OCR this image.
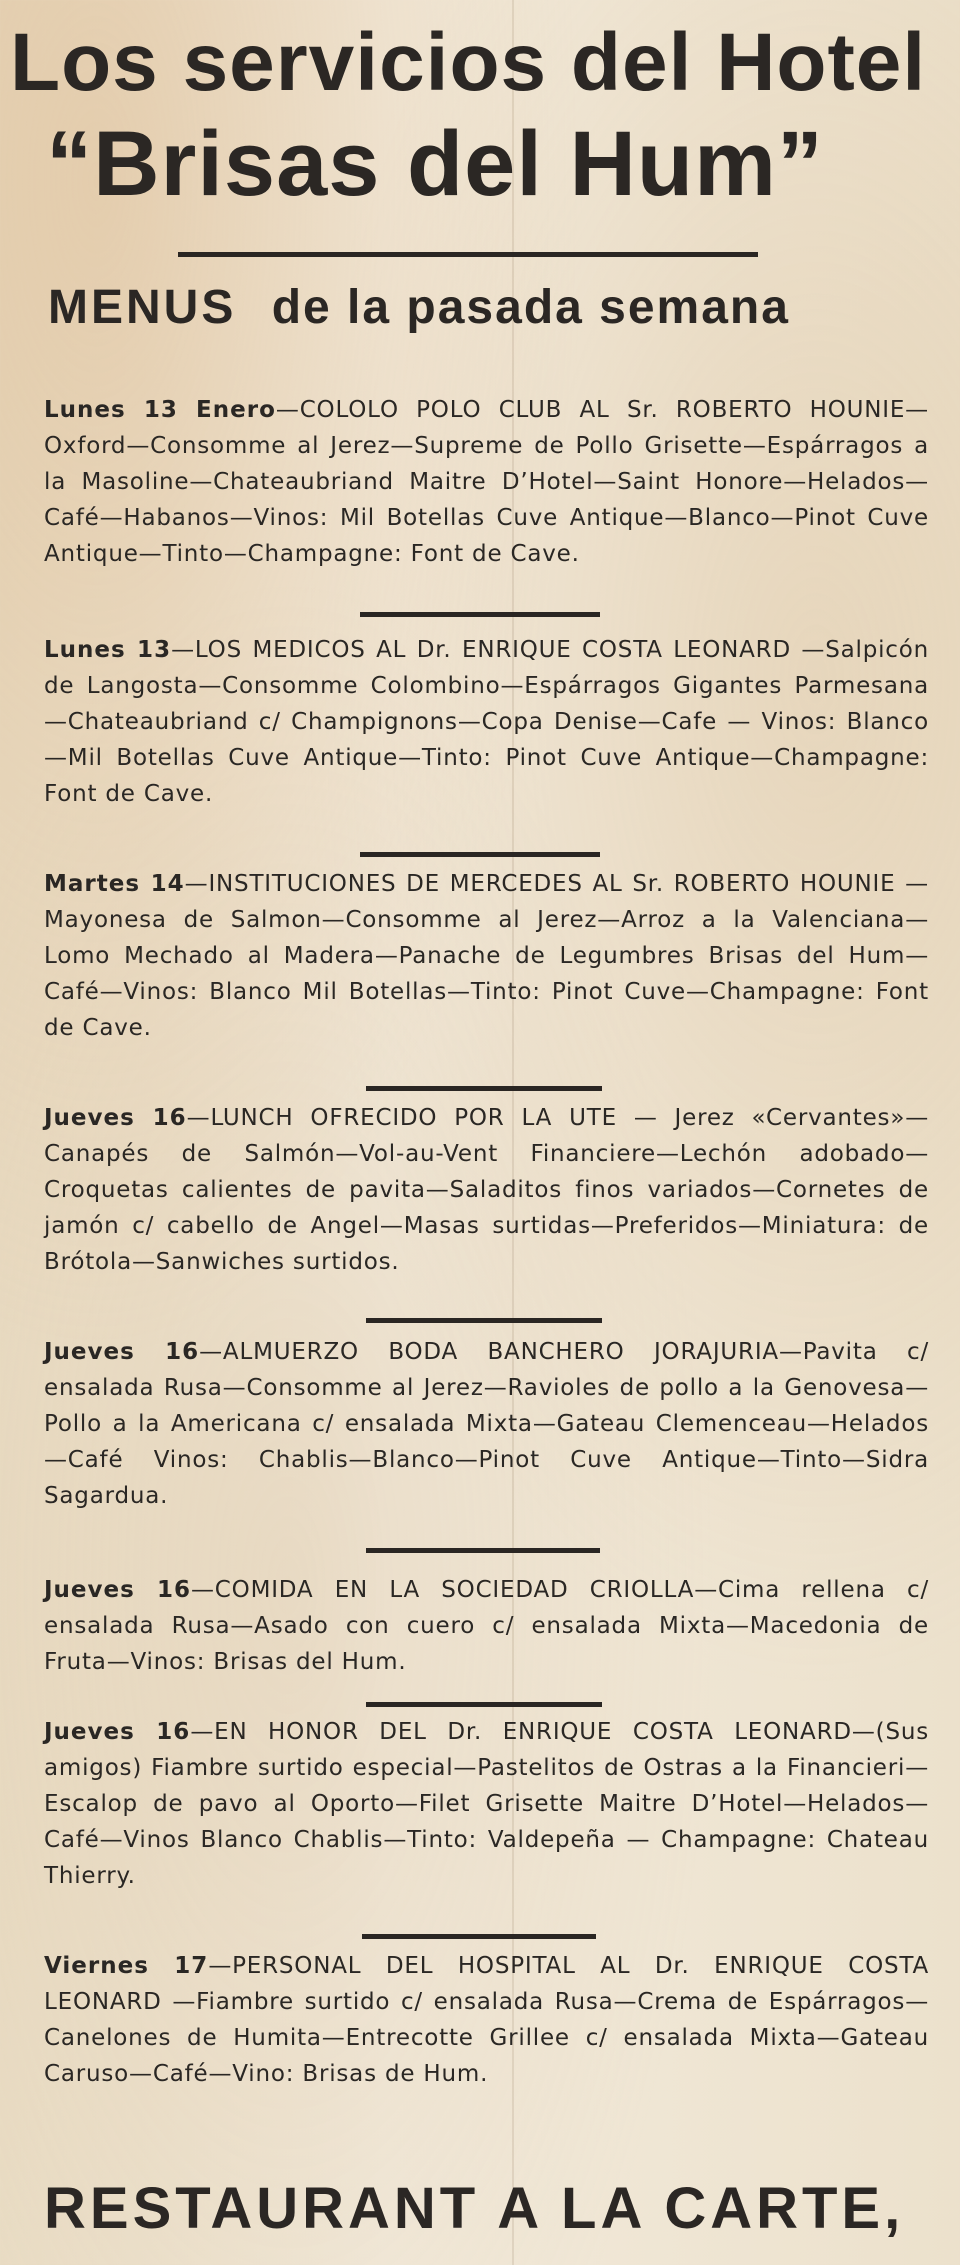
Los servicios del Hotel
“Brisas del Hum”
MENUS de la pasada semana
Lunes 13 Enero—COLOLO POLO CLUB AL Sr. ROBERTO HOUNIE—Oxford—Consomme al Jerez—Supreme de Pollo Grisette—Espárragos a la Masoline—Chateaubriand Maitre D’Hotel—Saint Honore—Helados—Café—Habanos—Vinos: Mil Botellas Cuve Antique—Blanco—Pinot Cuve Antique—Tinto—Champagne: Font de Cave.
Lunes 13—LOS MEDICOS AL Dr. ENRIQUE COSTA LEONARD —Salpicón de Langosta—Consomme Colombino—Espárragos Gigantes Parmesana—Chateaubriand c/ Champignons—Copa Denise—Cafe — Vinos: Blanco—Mil Botellas Cuve Antique—Tinto: Pinot Cuve Antique—Champagne: Font de Cave.
Martes 14—INSTITUCIONES DE MERCEDES AL Sr. ROBERTO HOUNIE —Mayonesa de Salmon—Consomme al Jerez—Arroz a la Valenciana—Lomo Mechado al Madera—Panache de Legumbres Brisas del Hum—Café—Vinos: Blanco Mil Botellas—Tinto: Pinot Cuve—Champagne: Font de Cave.
Jueves 16—LUNCH OFRECIDO POR LA UTE — Jerez «Cervantes»—Canapés de Salmón—Vol-au-Vent Financiere—Lechón adobado—Croquetas calientes de pavita—Saladitos finos variados—Cornetes de jamón c/ cabello de Angel—Masas surtidas—Preferidos—Miniatura: de Brótola—Sanwiches surtidos.
Jueves 16—ALMUERZO BODA BANCHERO JORAJURIA—Pavita c/ ensalada Rusa—Consomme al Jerez—Ravioles de pollo a la Genovesa—Pollo a la Americana c/ ensalada Mixta—Gateau Clemenceau—Helados—Café Vinos: Chablis—Blanco—Pinot Cuve Antique—Tinto—Sidra Sagardua.
Jueves 16—COMIDA EN LA SOCIEDAD CRIOLLA—Cima rellena c/ ensalada Rusa—Asado con cuero c/ ensalada Mixta—Macedonia de Fruta—Vinos: Brisas del Hum.
Jueves 16—EN HONOR DEL Dr. ENRIQUE COSTA LEONARD—(Sus amigos) Fiambre surtido especial—Pastelitos de Ostras a la Financieri—Escalop de pavo al Oporto—Filet Grisette Maitre D’Hotel—Helados—Café—Vinos Blanco Chablis—Tinto: Valdepeña — Champagne: Chateau Thierry.
Viernes 17—PERSONAL DEL HOSPITAL AL Dr. ENRIQUE COSTA LEONARD —Fiambre surtido c/ ensalada Rusa—Crema de Espárragos—Canelones de Humita—Entrecotte Grillee c/ ensalada Mixta—Gateau Caruso—Café—Vino: Brisas de Hum.
RESTAURANT A LA CARTE,
